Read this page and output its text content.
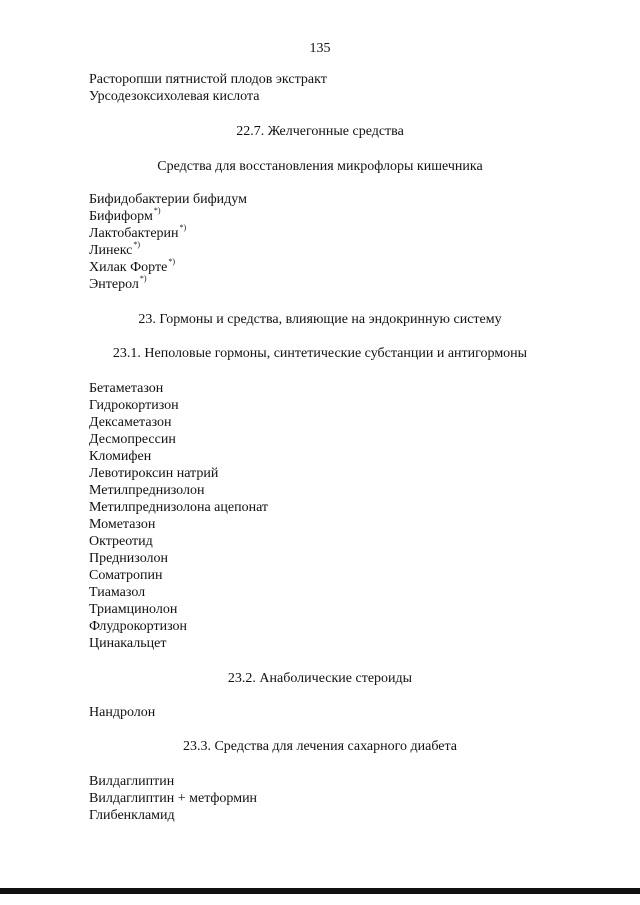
135
Расторопши пятнистой плодов экстракт
Урсодезоксихолевая кислота
22.7. Желчегонные средства
Средства для восстановления микрофлоры кишечника
Бифидобактерии бифидум
Бифиформ*)
Лактобактерин*)
Линекс*)
Хилак Форте*)
Энтерол*)
23. Гормоны и средства, влияющие на эндокринную систему
23.1. Неполовые гормоны, синтетические субстанции и антигормоны
Бетаметазон
Гидрокортизон
Дексаметазон
Десмопрессин
Кломифен
Левотироксин натрий
Метилпреднизолон
Метилпреднизолона ацепонат
Мометазон
Октреотид
Преднизолон
Соматропин
Тиамазол
Триамцинолон
Флудрокортизон
Цинакальцет
23.2. Анаболические стероиды
Нандролон
23.3. Средства для лечения сахарного диабета
Вилдаглиптин
Вилдаглиптин + метформин
Глибенкламид
